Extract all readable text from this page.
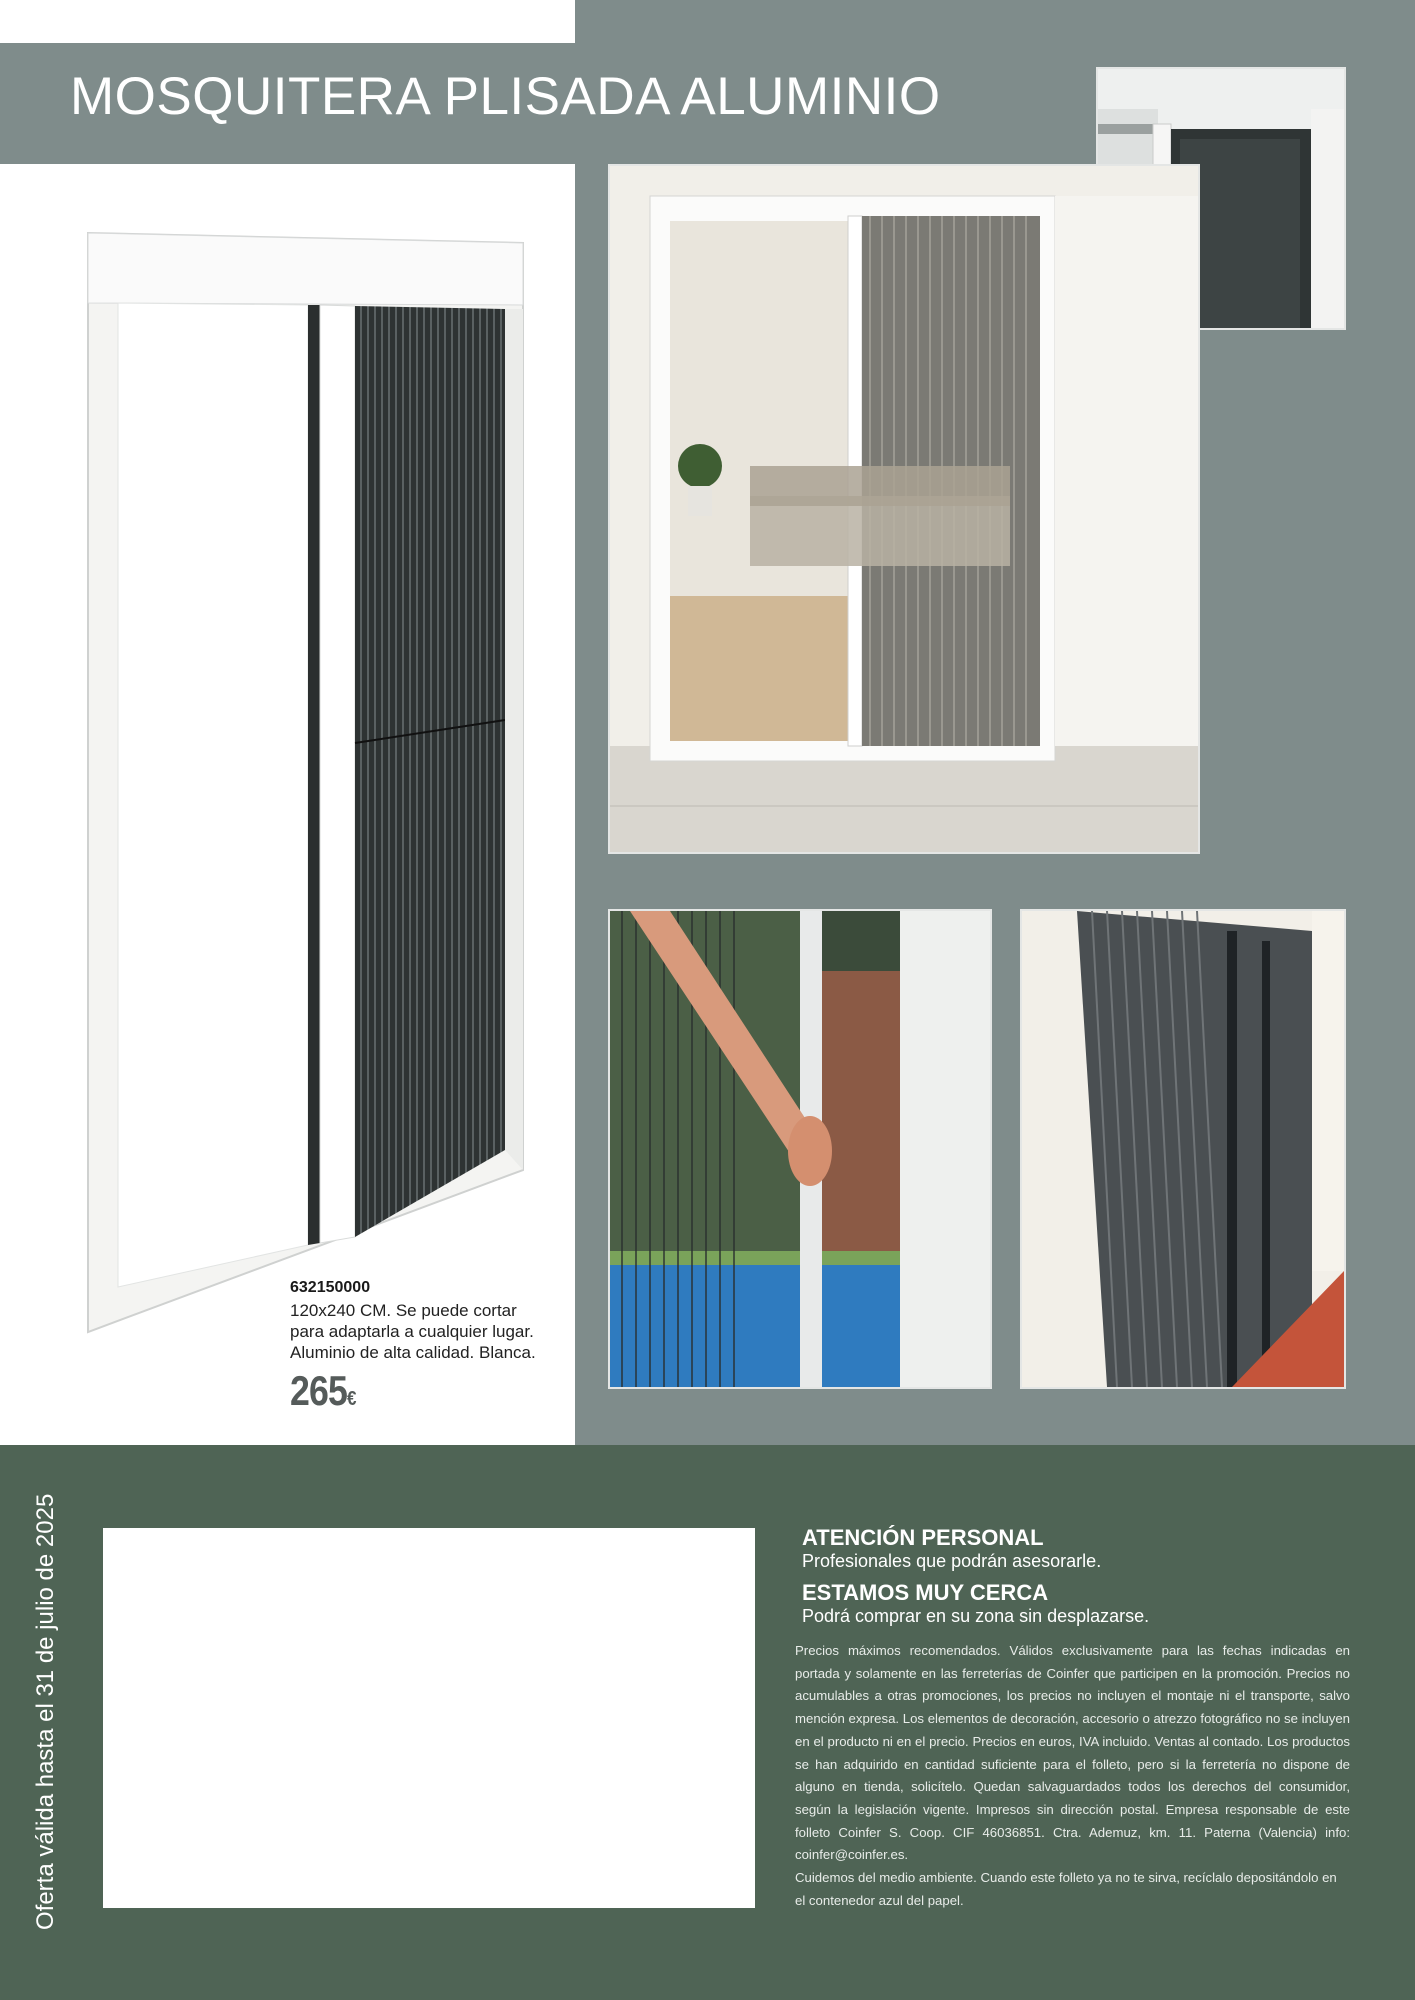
MOSQUITERA PLISADA ALUMINIO
632150000
120x240 CM. Se puede cortar
para adaptarla a cualquier lugar.
Aluminio de alta calidad. Blanca.
265€
Oferta válida hasta el 31 de julio de 2025	ATENCIÓN PERSONAL
Profesionales que podrán asesorarle.
ESTAMOS MUY CERCA
Podrá comprar en su zona sin desplazarse.
Precios máximos recomendados. Válidos exclusivamente para las fechas indicadas en portada y solamente en las ferreterías de Coinfer que participen en la promoción. Precios no acumulables a otras promociones, los precios no incluyen el montaje ni el transporte, salvo mención expresa. Los elementos de decoración, accesorio o atrezzo fotográfico no se incluyen en el producto ni en el precio. Precios en euros, IVA incluido. Ventas al contado. Los productos se han adquirido en cantidad suficiente para el folleto, pero si la ferretería no dispone de alguno en tienda, solicítelo. Quedan salvaguardados todos los derechos del consumidor, según la legislación vigente. Impresos sin dirección postal. Empresa responsable de este folleto Coinfer S. Coop. CIF 46036851. Ctra. Ademuz, km. 11. Paterna (Valencia) info: coinfer@coinfer.es.
Cuidemos del medio ambiente. Cuando este folleto ya no te sirva, recíclalo depositándolo en el contenedor azul del papel.
